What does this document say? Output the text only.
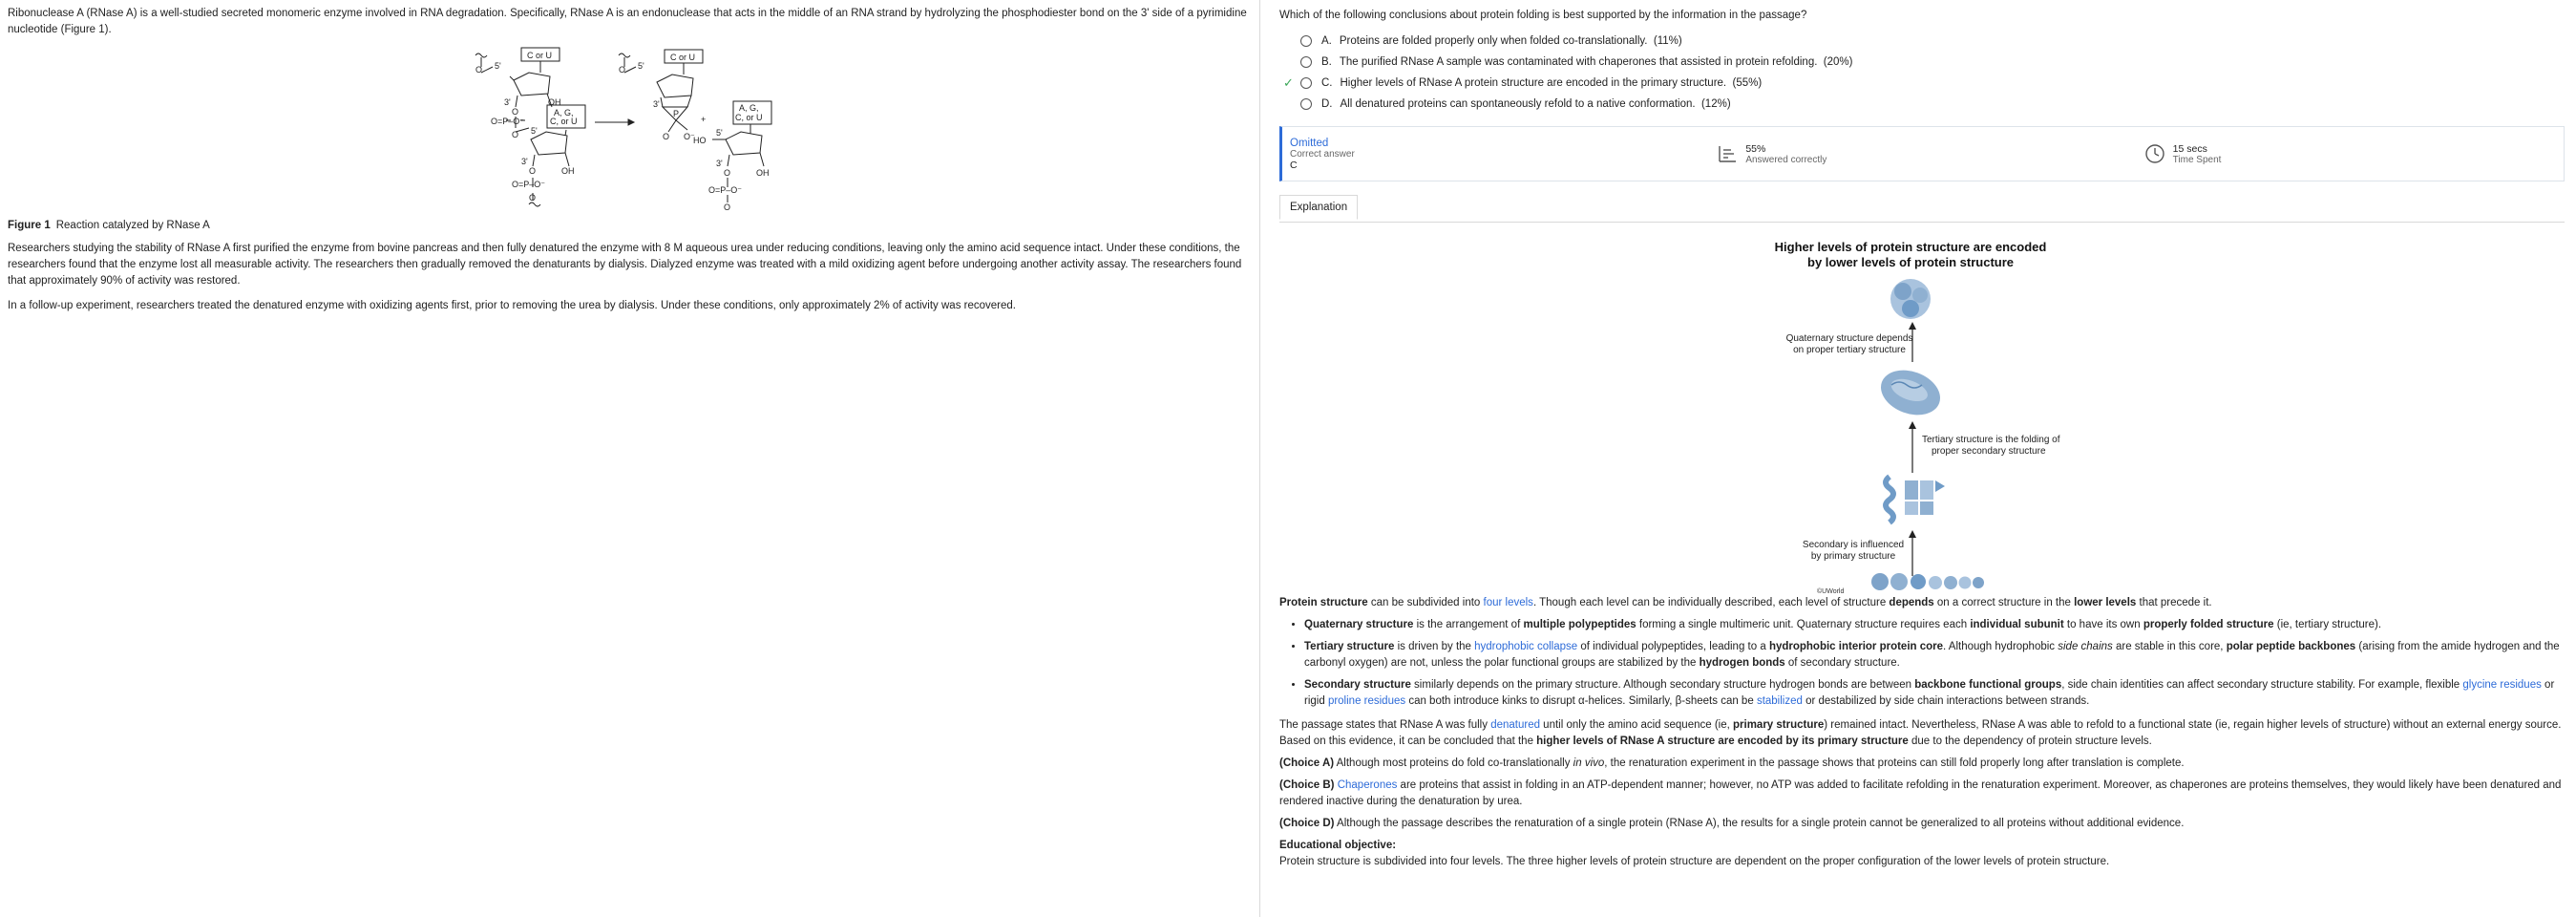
Ribonuclease A (RNase A) is a well-studied secreted monomeric enzyme involved in RNA degradation. Specifically, RNase A is an endonuclease that acts in the middle of an RNA strand by hydrolyzing the phosphodiester bond on the 3' side of a pyrimidine nucleotide (Figure 1).

C or U
O 5'
3'	OH
O
O=P–O⁻
O 5'
A, G,
C, or U
3'
O	OH
O=P–O⁻
O
C or U
O 5'
3'
P
O O⁻
+
A, G,
C, or U
HO
5'
3'
O	OH
O=P–O⁻
O
Figure 1 Reaction catalyzed by RNase A

Researchers studying the stability of RNase A first purified the enzyme from bovine pancreas and then fully denatured the enzyme with 8 M aqueous urea under reducing conditions, leaving only the amino acid sequence intact. Under these conditions, the researchers found that the enzyme lost all measurable activity. The researchers then gradually removed the denaturants by dialysis. Dialyzed enzyme was treated with a mild oxidizing agent before undergoing another activity assay. The researchers found that approximately 90% of activity was restored.

In a follow-up experiment, researchers treated the denatured enzyme with oxidizing agents first, prior to removing the urea by dialysis. Under these conditions, only approximately 2% of activity was recovered.

Which of the following conclusions about protein folding is best supported by the information in the passage?
A. Proteins are folded properly only when folded co-translationally.
(11%)
B. The purified RNase A sample was contaminated with chaperones that assisted in protein refolding.
(20%)
✓	C. Higher levels of RNase A protein structure are encoded in the primary structure.
(55%)
D. All denatured proteins can spontaneously refold to a native conformation.
(12%)
Omitted
Correct answer
C
55%
Answered correctly
15 secs
Time Spent
Explanation
Higher levels of protein structure are encoded
by lower levels of protein structure
Quaternary structure depends
on proper tertiary structure
Tertiary structure is the folding of
proper secondary structure
Secondary is influenced
by primary structure
©UWorld

Protein structure can be subdivided into four levels. Though each level can be individually described, each level of structure depends on a correct structure in the lower levels that precede it.

• Quaternary structure is the arrangement of multiple polypeptides forming a single multimeric unit. Quaternary structure requires each individual subunit to have its own properly folded structure (ie, tertiary structure).
• Tertiary structure is driven by the hydrophobic collapse of individual polypeptides, leading to a hydrophobic interior protein core. Although hydrophobic side chains are stable in this core, polar peptide backbones (arising from the amide hydrogen and the carbonyl oxygen) are not, unless the polar functional groups are stabilized by the hydrogen bonds of secondary structure.
• Secondary structure similarly depends on the primary structure. Although secondary structure hydrogen bonds are between backbone functional groups, side chain identities can affect secondary structure stability. For example, flexible glycine residues or rigid proline residues can both introduce kinks to disrupt α-helices. Similarly, β-sheets can be stabilized or destabilized by side chain interactions between strands.

The passage states that RNase A was fully denatured until only the amino acid sequence (ie, primary structure) remained intact. Nevertheless, RNase A was able to refold to a functional state (ie, regain higher levels of structure) without an external energy source. Based on this evidence, it can be concluded that the higher levels of RNase A structure are encoded by its primary structure due to the dependency of protein structure levels.

(Choice A) Although most proteins do fold co-translationally in vivo, the renaturation experiment in the passage shows that proteins can still fold properly long after translation is complete.

(Choice B) Chaperones are proteins that assist in folding in an ATP-dependent manner; however, no ATP was added to facilitate refolding in the renaturation experiment. Moreover, as chaperones are proteins themselves, they would likely have been denatured and rendered inactive during the denaturation by urea.

(Choice D) Although the passage describes the renaturation of a single protein (RNase A), the results for a single protein cannot be generalized to all proteins without additional evidence.

Educational objective:
Protein structure is subdivided into four levels. The three higher levels of protein structure are dependent on the proper configuration of the lower levels of protein structure.
